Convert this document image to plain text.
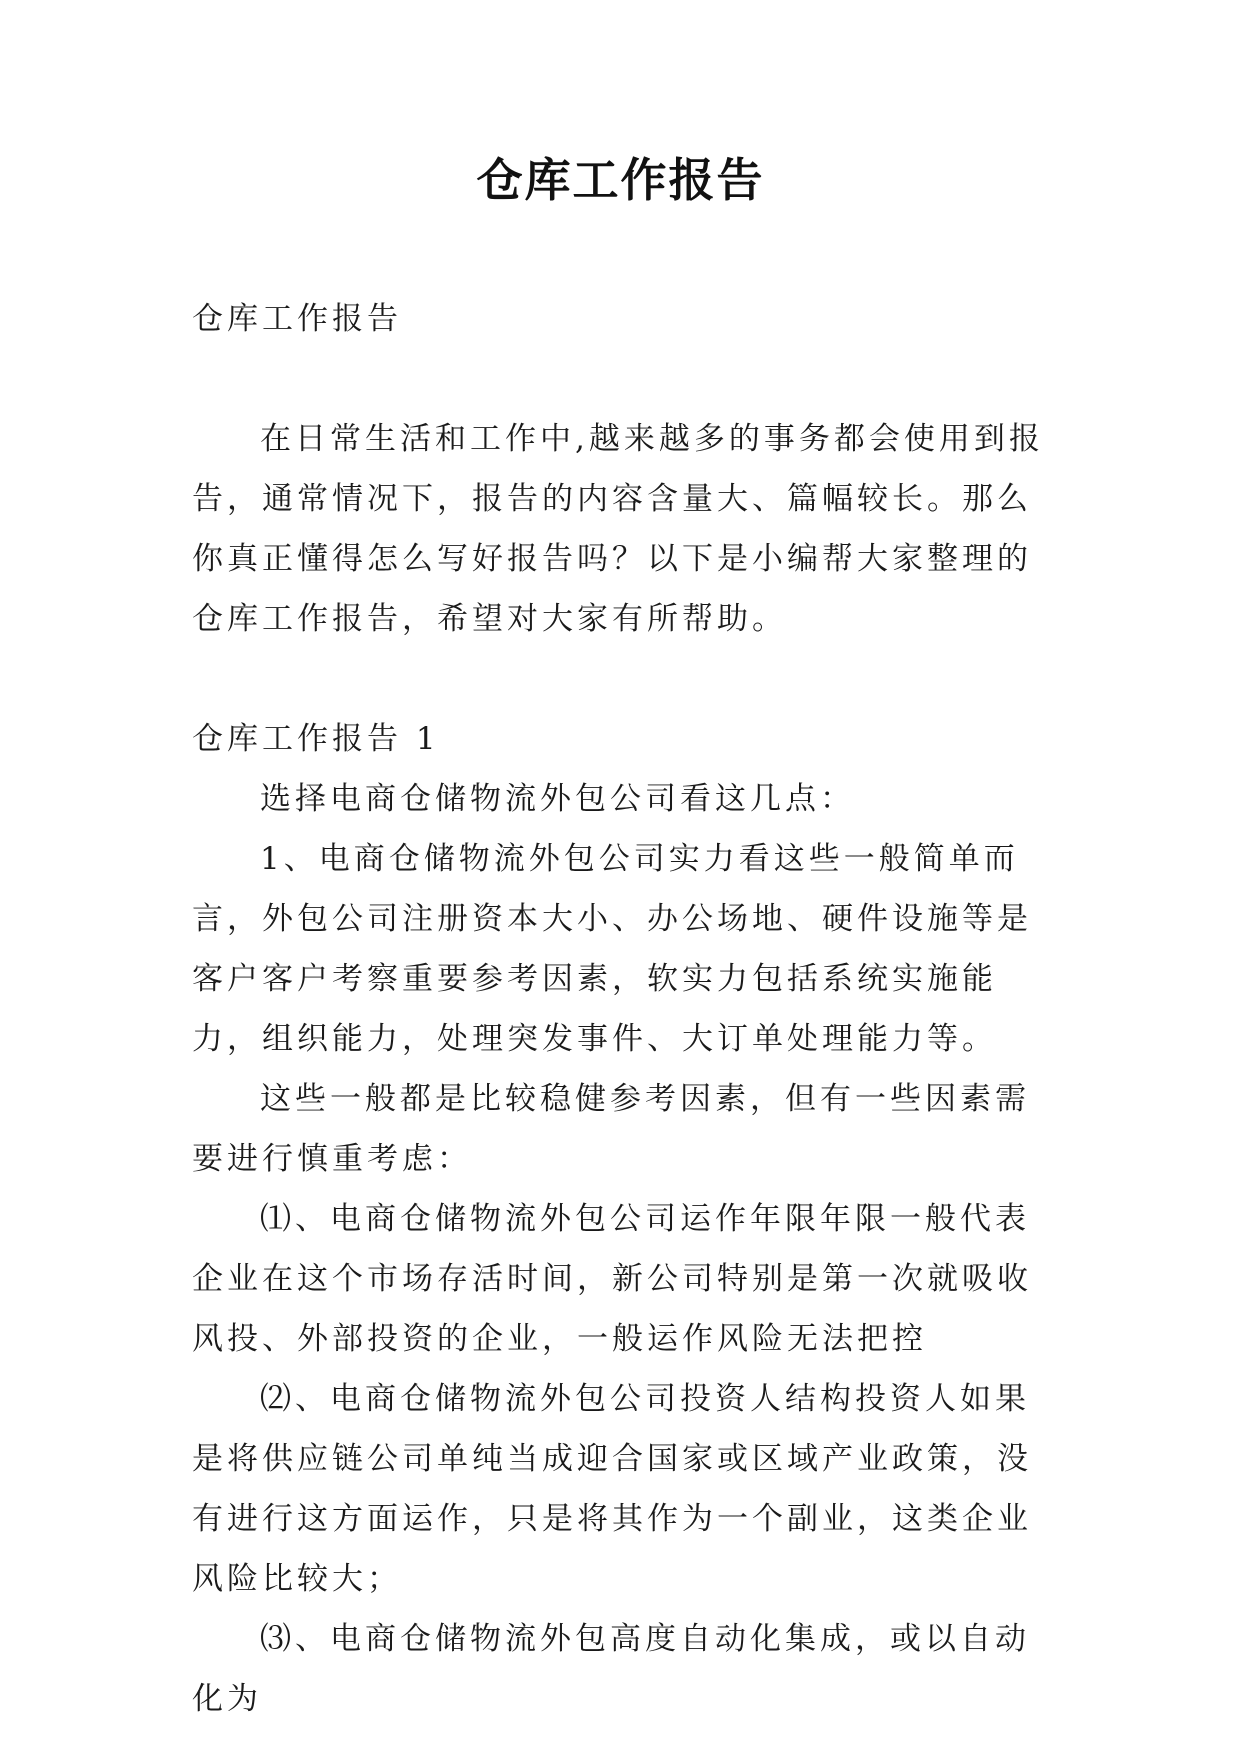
仓库工作报告

仓库工作报告

在日常生活和工作中,越来越多的事务都会使用到报告，通常情况下，报告的内容含量大、篇幅较长。那么你真正懂得怎么写好报告吗？以下是小编帮大家整理的仓库工作报告，希望对大家有所帮助。

仓库工作报告 1

选择电商仓储物流外包公司看这几点：

1、电商仓储物流外包公司实力看这些一般简单而言，外包公司注册资本大小、办公场地、硬件设施等是客户客户考察重要参考因素，软实力包括系统实施能力，组织能力，处理突发事件、大订单处理能力等。

这些一般都是比较稳健参考因素，但有一些因素需要进行慎重考虑：

⑴、电商仓储物流外包公司运作年限年限一般代表企业在这个市场存活时间，新公司特别是第一次就吸收风投、外部投资的企业，一般运作风险无法把控

⑵、电商仓储物流外包公司投资人结构投资人如果是将供应链公司单纯当成迎合国家或区域产业政策，没有进行这方面运作，只是将其作为一个副业，这类企业风险比较大；

⑶、电商仓储物流外包高度自动化集成，或以自动化为
